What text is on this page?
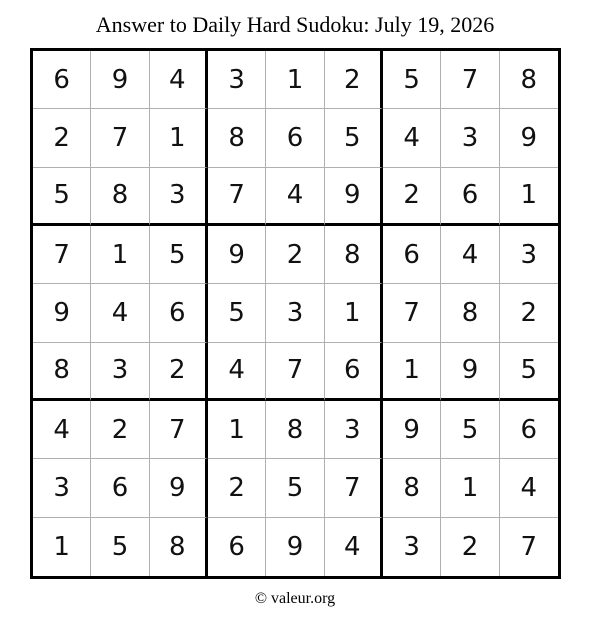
Answer to Daily Hard Sudoku: July 19, 2026
6	9	4	3	1	2	5	7	8
2	7	1	8	6	5	4	3	9
5	8	3	7	4	9	2	6	1
7	1	5	9	2	8	6	4	3
9	4	6	5	3	1	7	8	2
8	3	2	4	7	6	1	9	5
4	2	7	1	8	3	9	5	6
3	6	9	2	5	7	8	1	4
1	5	8	6	9	4	3	2	7
© valeur.org
